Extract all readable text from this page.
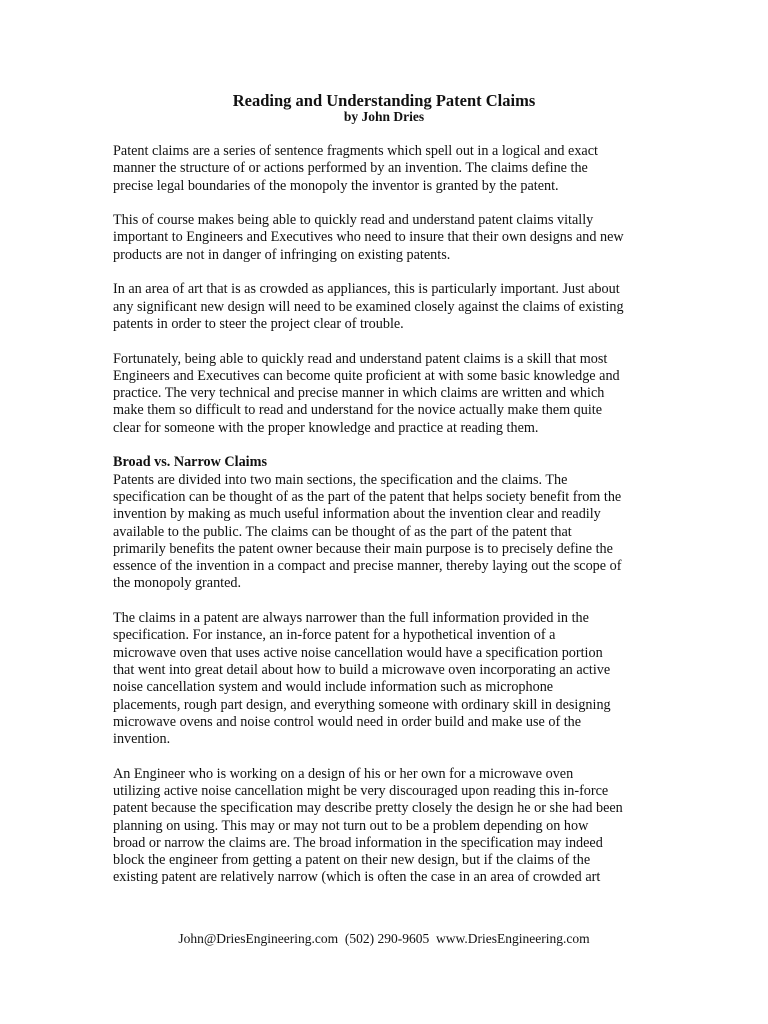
Reading and Understanding Patent Claims
by John Dries
Patent claims are a series of sentence fragments which spell out in a logical and exact
manner the structure of or actions performed by an invention. The claims define the
precise legal boundaries of the monopoly the inventor is granted by the patent.
This of course makes being able to quickly read and understand patent claims vitally
important to Engineers and Executives who need to insure that their own designs and new
products are not in danger of infringing on existing patents.
In an area of art that is as crowded as appliances, this is particularly important. Just about
any significant new design will need to be examined closely against the claims of existing
patents in order to steer the project clear of trouble.
Fortunately, being able to quickly read and understand patent claims is a skill that most
Engineers and Executives can become quite proficient at with some basic knowledge and
practice. The very technical and precise manner in which claims are written and which
make them so difficult to read and understand for the novice actually make them quite
clear for someone with the proper knowledge and practice at reading them.
Broad vs. Narrow Claims
Patents are divided into two main sections, the specification and the claims. The
specification can be thought of as the part of the patent that helps society benefit from the
invention by making as much useful information about the invention clear and readily
available to the public. The claims can be thought of as the part of the patent that
primarily benefits the patent owner because their main purpose is to precisely define the
essence of the invention in a compact and precise manner, thereby laying out the scope of
the monopoly granted.
The claims in a patent are always narrower than the full information provided in the
specification. For instance, an in-force patent for a hypothetical invention of a
microwave oven that uses active noise cancellation would have a specification portion
that went into great detail about how to build a microwave oven incorporating an active
noise cancellation system and would include information such as microphone
placements, rough part design, and everything someone with ordinary skill in designing
microwave ovens and noise control would need in order build and make use of the
invention.
An Engineer who is working on a design of his or her own for a microwave oven
utilizing active noise cancellation might be very discouraged upon reading this in-force
patent because the specification may describe pretty closely the design he or she had been
planning on using. This may or may not turn out to be a problem depending on how
broad or narrow the claims are. The broad information in the specification may indeed
block the engineer from getting a patent on their new design, but if the claims of the
existing patent are relatively narrow (which is often the case in an area of crowded art
John@DriesEngineering.com (502) 290-9605 www.DriesEngineering.com
